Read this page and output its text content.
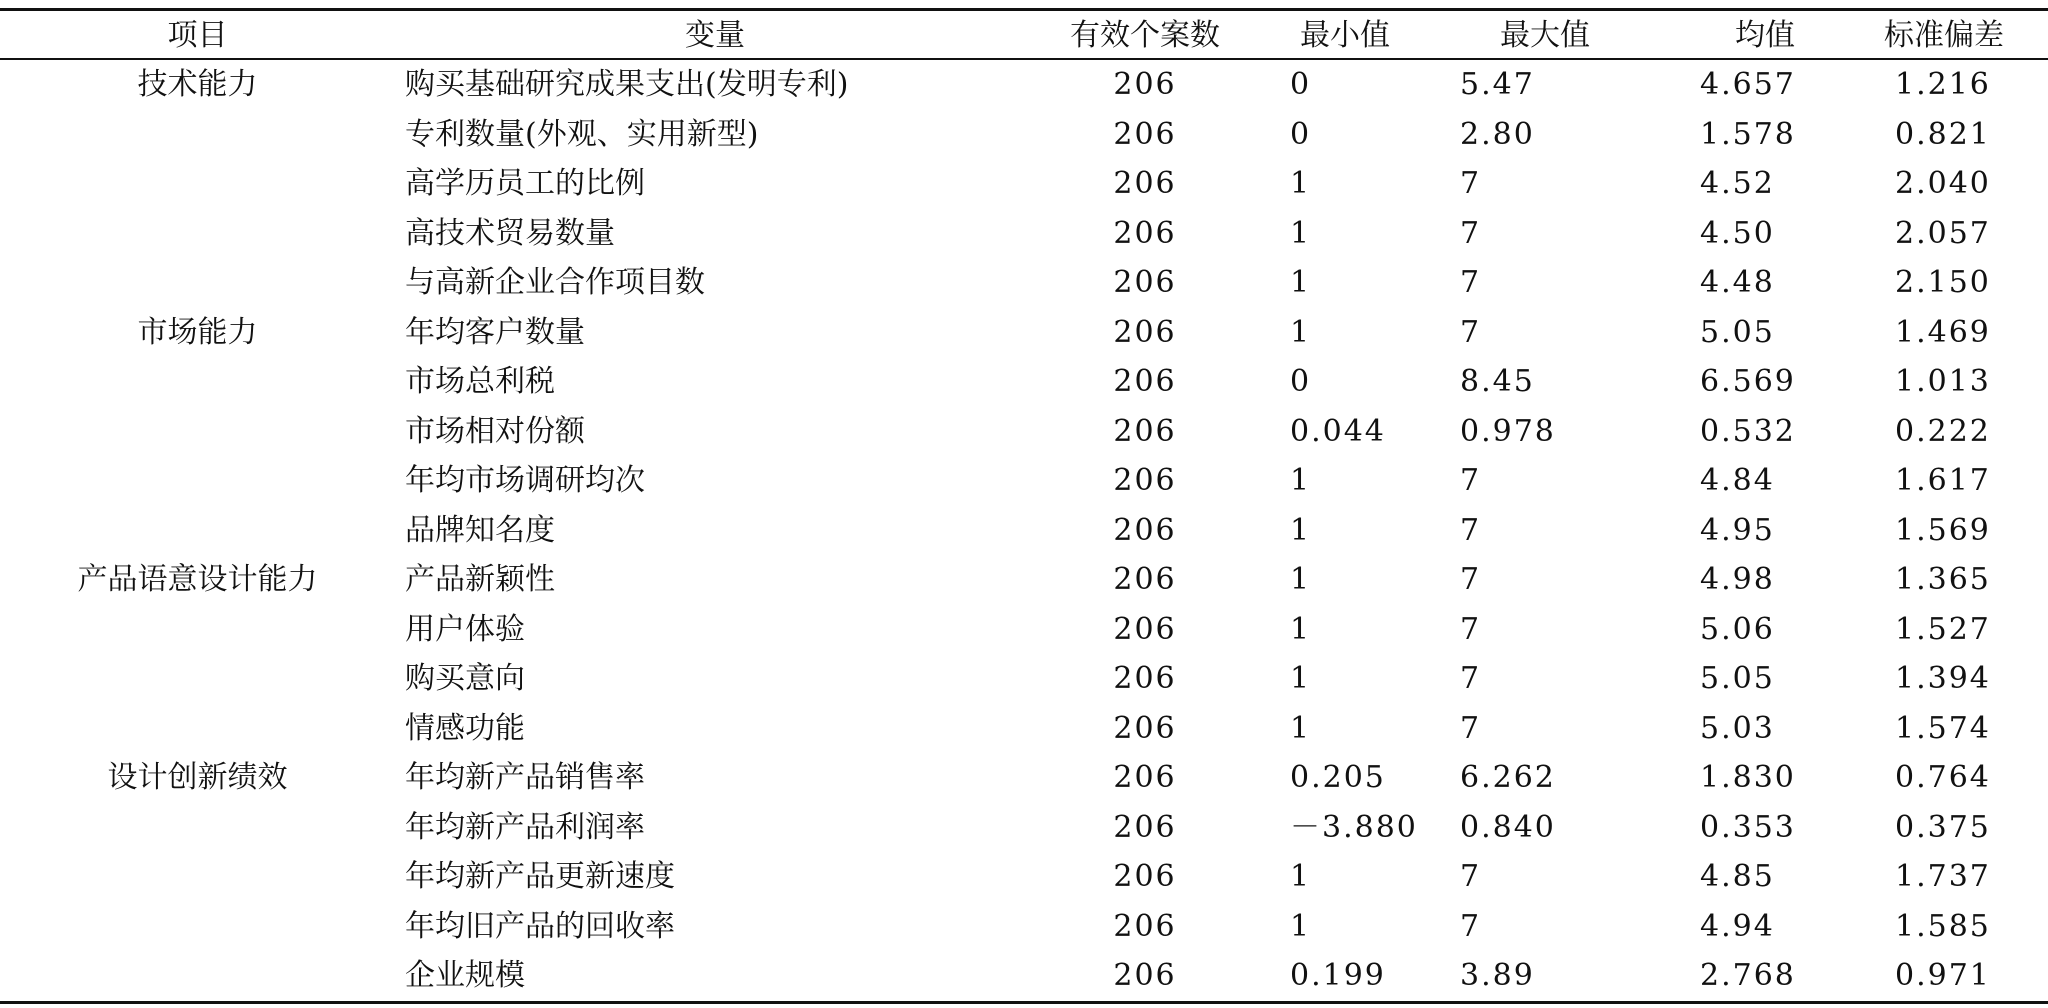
项目	变量	有效个案数	最小值	最大值	均值	标准偏差
技术能力	购买基础研究成果支出(发明专利)	206	0	5.47	4.657	1.216
专利数量(外观、实用新型)	206	0	2.80	1.578	0.821
高学历员工的比例	206	1	7	4.52	2.040
高技术贸易数量	206	1	7	4.50	2.057
与高新企业合作项目数	206	1	7	4.48	2.150
市场能力	年均客户数量	206	1	7	5.05	1.469
市场总利税	206	0	8.45	6.569	1.013
市场相对份额	206	0.044	0.978	0.532	0.222
年均市场调研均次	206	1	7	4.84	1.617
品牌知名度	206	1	7	4.95	1.569
产品语意设计能力	产品新颖性	206	1	7	4.98	1.365
用户体验	206	1	7	5.06	1.527
购买意向	206	1	7	5.05	1.394
情感功能	206	1	7	5.03	1.574
设计创新绩效	年均新产品销售率	206	0.205	6.262	1.830	0.764
年均新产品利润率	206	－3.880 0.840	0.353	0.375
年均新产品更新速度	206	1	7	4.85	1.737
年均旧产品的回收率	206	1	7	4.94	1.585
企业规模	206	0.199	3.89	2.768	0.971
